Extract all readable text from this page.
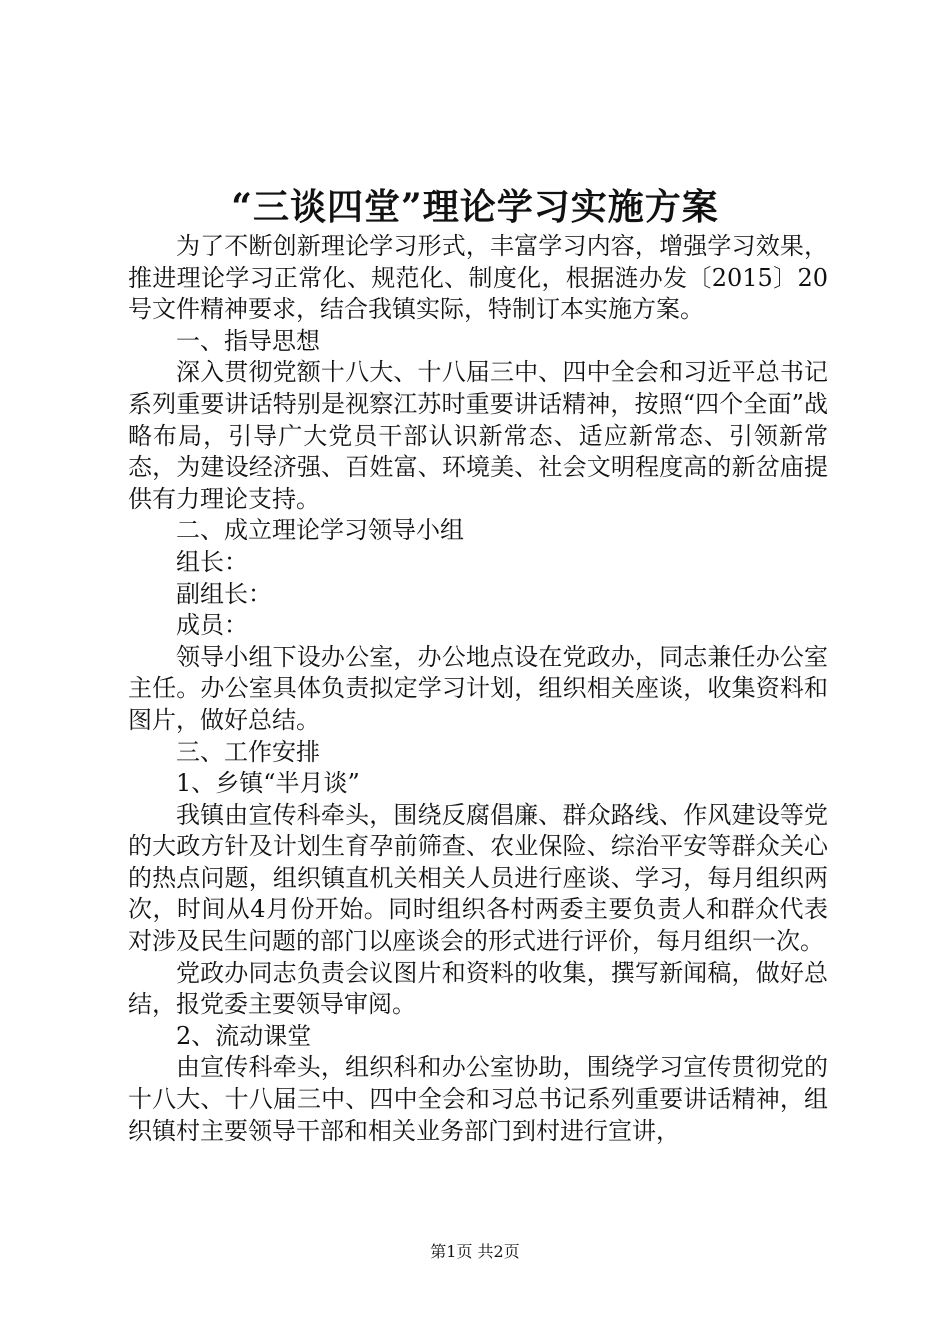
“三谈四堂”理论学习实施方案

为了不断创新理论学习形式，丰富学习内容，增强学习效果，推进理论学习正常化、规范化、制度化，根据涟办发〔2015〕20号文件精神要求，结合我镇实际，特制订本实施方案。

一、指导思想

深入贯彻党额十八大、十八届三中、四中全会和习近平总书记系列重要讲话特别是视察江苏时重要讲话精神，按照“四个全面”战略布局，引导广大党员干部认识新常态、适应新常态、引领新常态，为建设经济强、百姓富、环境美、社会文明程度高的新岔庙提供有力理论支持。

二、成立理论学习领导小组

组长：

副组长：

成员：

领导小组下设办公室，办公地点设在党政办，同志兼任办公室主任。办公室具体负责拟定学习计划，组织相关座谈，收集资料和图片，做好总结。

三、工作安排

1、乡镇“半月谈”

我镇由宣传科牵头，围绕反腐倡廉、群众路线、作风建设等党的大政方针及计划生育孕前筛查、农业保险、综治平安等群众关心的热点问题，组织镇直机关相关人员进行座谈、学习，每月组织两次，时间从4月份开始。同时组织各村两委主要负责人和群众代表对涉及民生问题的部门以座谈会的形式进行评价，每月组织一次。

党政办同志负责会议图片和资料的收集，撰写新闻稿，做好总结，报党委主要领导审阅。

2、流动课堂

由宣传科牵头，组织科和办公室协助，围绕学习宣传贯彻党的十八大、十八届三中、四中全会和习总书记系列重要讲话精神，组织镇村主要领导干部和相关业务部门到村进行宣讲，

第1页 共2页
